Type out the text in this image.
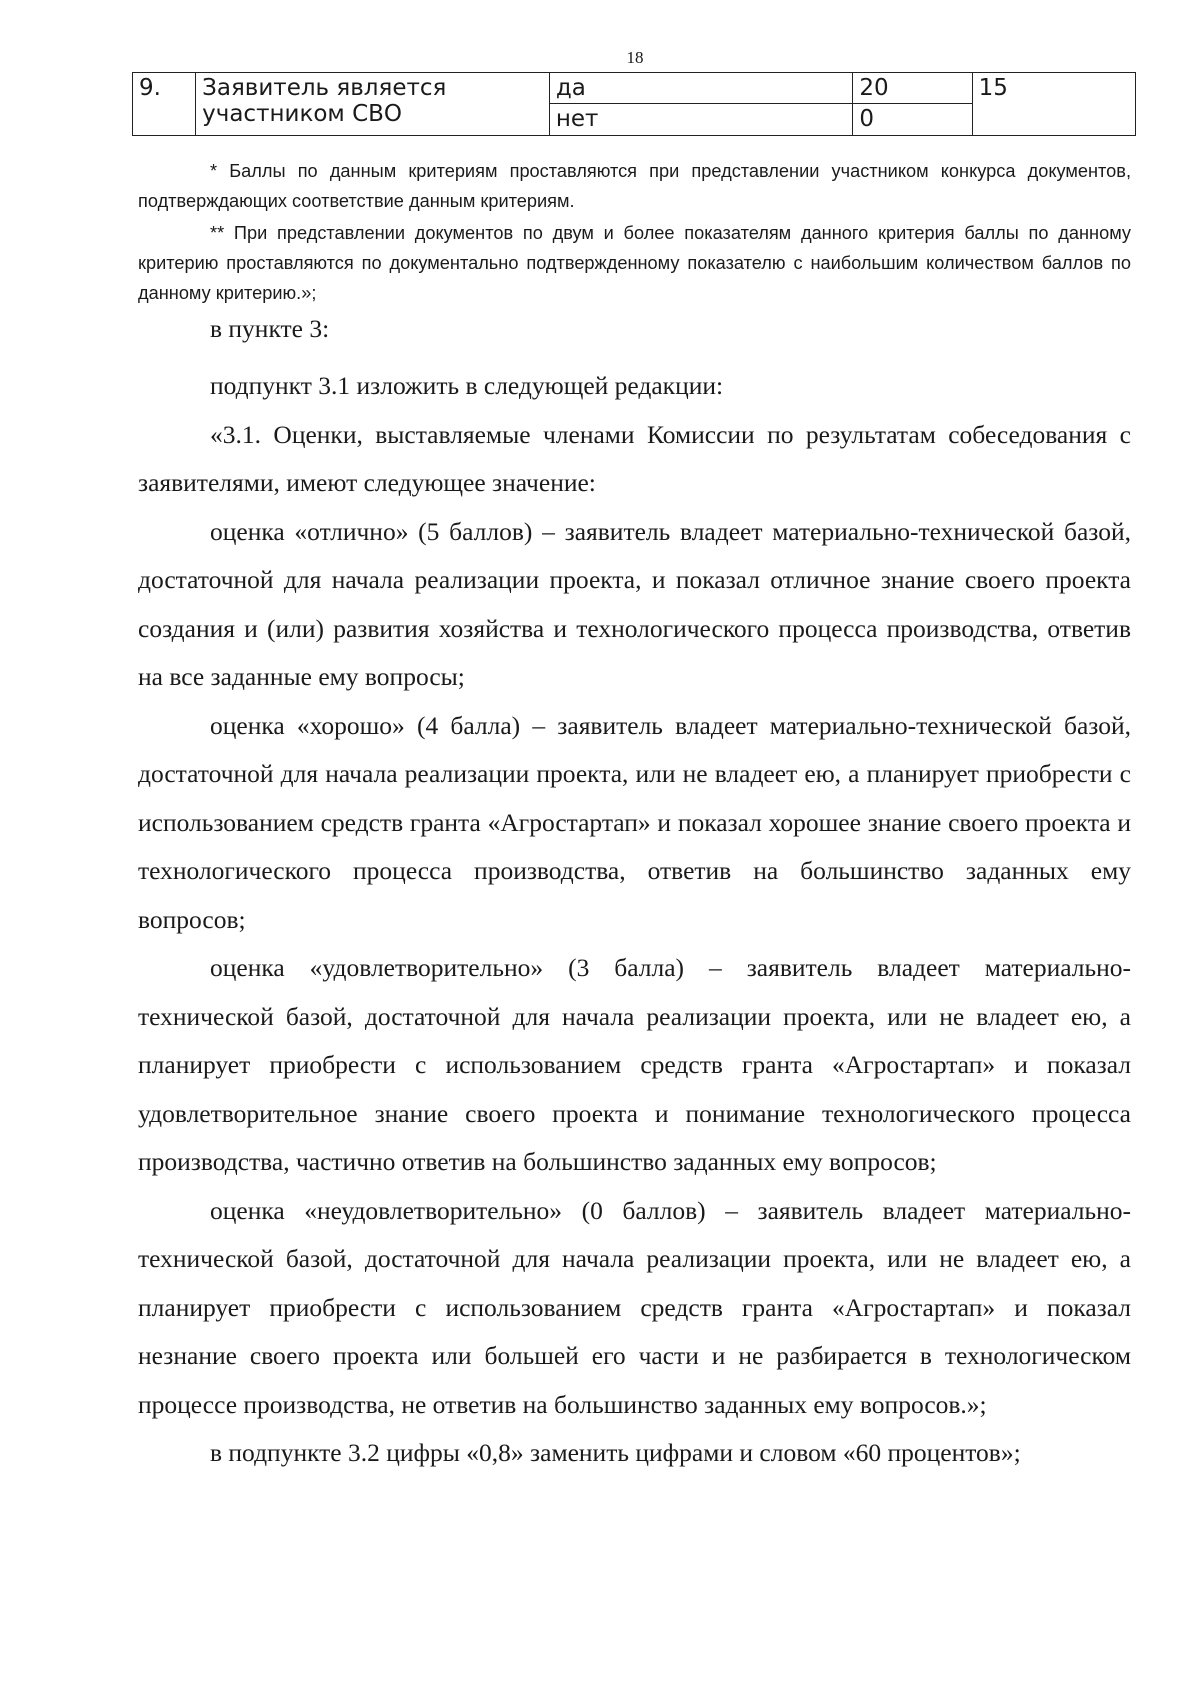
18
9.	Заявитель является участником СВО	да	20	15
		нет	0	

* Баллы по данным критериям проставляются при представлении участником конкурса документов, подтверждающих соответствие данным критериям.

** При представлении документов по двум и более показателям данного критерия баллы по данному критерию проставляются по документально подтвержденному показателю с наибольшим количеством баллов по данному критерию.»;

в пункте 3:

подпункт 3.1 изложить в следующей редакции:

«3.1. Оценки, выставляемые членами Комиссии по результатам собеседования с заявителями, имеют следующее значение:

оценка «отлично» (5 баллов) – заявитель владеет материально-технической базой, достаточной для начала реализации проекта, и показал отличное знание своего проекта создания и (или) развития хозяйства и технологического процесса производства, ответив на все заданные ему вопросы;

оценка «хорошо» (4 балла) – заявитель владеет материально-технической базой, достаточной для начала реализации проекта, или не владеет ею, а планирует приобрести с использованием средств гранта «Агростартап» и показал хорошее знание своего проекта и технологического процесса производства, ответив на большинство заданных ему вопросов;

оценка «удовлетворительно» (3 балла) – заявитель владеет материально-технической базой, достаточной для начала реализации проекта, или не владеет ею, а планирует приобрести с использованием средств гранта «Агростартап» и показал удовлетворительное знание своего проекта и понимание технологического процесса производства, частично ответив на большинство заданных ему вопросов;

оценка «неудовлетворительно» (0 баллов) – заявитель владеет материально-технической базой, достаточной для начала реализации проекта, или не владеет ею, а планирует приобрести с использованием средств гранта «Агростартап» и показал незнание своего проекта или большей его части и не разбирается в технологическом процессе производства, не ответив на большинство заданных ему вопросов.»;

в подпункте 3.2 цифры «0,8» заменить цифрами и словом «60 процентов»;
